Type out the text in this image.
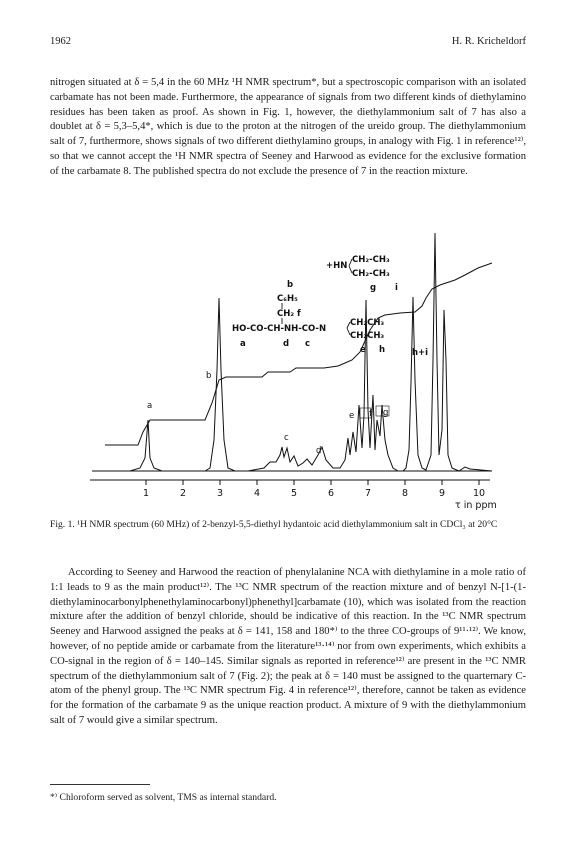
1962	H. R. Kricheldorf
nitrogen situated at δ = 5,4 in the 60 MHz ¹H NMR spectrum*, but a spectroscopic comparison with an isolated carbamate has not been made. Furthermore, the appearance of signals from two different kinds of diethylamino residues has been taken as proof. As shown in Fig. 1, however, the diethylammonium salt of 7 has also a doublet at δ = 5,3–5,4*, which is due to the proton at the nitrogen of the ureido group. The diethylammonium salt of 7, furthermore, shows signals of two different diethylamino groups, in analogy with Fig. 1 in reference¹²⁾, so that we cannot accept the ¹H NMR spectra of Seeney and Harwood as evidence for the exclusive formation of the carbamate 8. The published spectra do not exclude the presence of 7 in the reaction mixture.
+HN
CH₂-CH₃
CH₂-CH₃
b	g i
C₆H₅
CH₂ f
HO-CO-CH-NH-CO-N
CH₂CH₃
CH₂CH₃
a	d c
e h	h+i
a
b
c
d
e f g
1	2	3	4	5	6	7	8	9	10
τ in ppm
Fig. 1. ¹H NMR spectrum (60 MHz) of 2-benzyl-5,5-diethyl hydantoic acid diethylammonium salt in CDCl₃ at 20°C
According to Seeney and Harwood the reaction of phenylalanine NCA with diethylamine in a mole ratio of 1:1 leads to 9 as the main product¹²⁾. The ¹³C NMR spectrum of the reaction mixture and of benzyl N-[1-(1-diethylaminocarbonylphenethylaminocarbonyl)phenethyl]carbamate (10), which was isolated from the reaction mixture after the addition of benzyl chloride, should be indicative of this reaction. In the ¹³C NMR spectrum Seeney and Harwood assigned the peaks at δ = 141, 158 and 180*⁾ to the three CO-groups of 9¹¹·¹²⁾. We know, however, of no peptide amide or carbamate from the literature¹³·¹⁴⁾ nor from own experiments, which exhibits a CO-signal in the region of δ = 140–145. Similar signals as reported in reference¹²⁾ are present in the ¹³C NMR spectrum of the diethylammonium salt of 7 (Fig. 2); the peak at δ = 140 must be assigned to the quarternary C-atom of the phenyl group. The ¹³C NMR spectrum Fig. 4 in reference¹²⁾, therefore, cannot be taken as evidence for the formation of the carbamate 9 as the unique reaction product. A mixture of 9 with the diethylammonium salt of 7 would give a similar spectrum.
*⁾ Chloroform served as solvent, TMS as internal standard.
